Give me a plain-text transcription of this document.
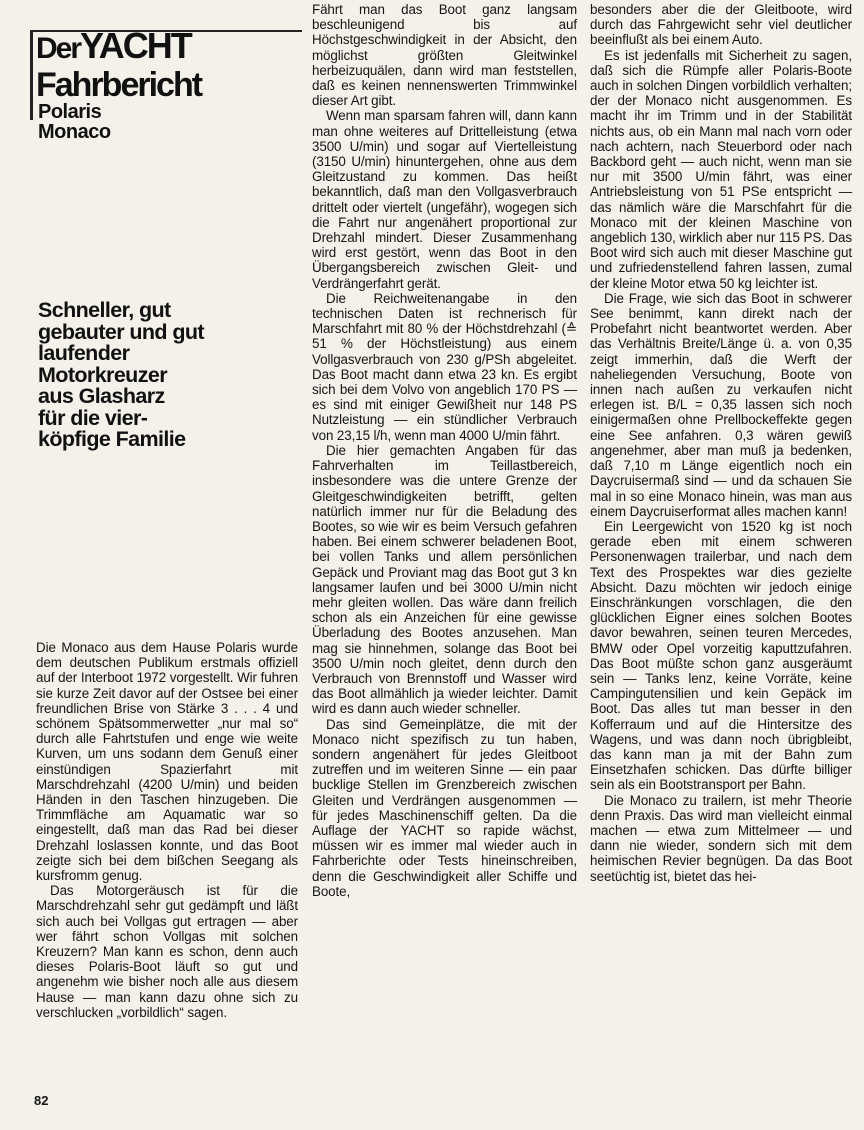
DerYACHT
Fahrbericht
Polaris
Monaco
Schneller, gut
gebauter und gut
laufender
Motorkreuzer
aus Glasharz
für die vier-
köpfige Familie

Die Monaco aus dem Hause Polaris wurde dem deutschen Publikum erstmals offiziell auf der Interboot 1972 vorgestellt. Wir fuhren sie kurze Zeit davor auf der Ostsee bei einer freundlichen Brise von Stärke 3 . . . 4 und schönem Spätsommerwetter „nur mal so“ durch alle Fahrtstufen und enge wie weite Kurven, um uns sodann dem Genuß einer einstündigen Spazierfahrt mit Marschdrehzahl (4200 U/min) und beiden Händen in den Taschen hinzugeben. Die Trimmfläche am Aquamatic war so eingestellt, daß man das Rad bei dieser Drehzahl loslassen konnte, und das Boot zeigte sich bei dem bißchen Seegang als kursfromm genug.

Das Motorgeräusch ist für die Marschdrehzahl sehr gut gedämpft und läßt sich auch bei Vollgas gut ertragen — aber wer fährt schon Vollgas mit solchen Kreuzern? Man kann es schon, denn auch dieses Polaris-Boot läuft so gut und angenehm wie bisher noch alle aus diesem Hause — man kann dazu ohne sich zu verschlucken „vorbildlich“ sagen.

Fährt man das Boot ganz langsam beschleunigend bis auf Höchstgeschwindigkeit in der Absicht, den möglichst größten Gleitwinkel herbeizuquälen, dann wird man feststellen, daß es keinen nennenswerten Trimmwinkel dieser Art gibt.

Wenn man sparsam fahren will, dann kann man ohne weiteres auf Drittelleistung (etwa 3500 U/min) und sogar auf Viertelleistung (3150 U/min) hinuntergehen, ohne aus dem Gleitzustand zu kommen. Das heißt bekanntlich, daß man den Vollgasverbrauch drittelt oder viertelt (ungefähr), wogegen sich die Fahrt nur angenähert proportional zur Drehzahl mindert. Dieser Zusammenhang wird erst gestört, wenn das Boot in den Übergangsbereich zwischen Gleit- und Verdrängerfahrt gerät.

Die Reichweitenangabe in den technischen Daten ist rechnerisch für Marschfahrt mit 80 % der Höchstdrehzahl (≙ 51 % der Höchstleistung) aus einem Vollgasverbrauch von 230 g/PSh abgeleitet. Das Boot macht dann etwa 23 kn. Es ergibt sich bei dem Volvo von angeblich 170 PS — es sind mit einiger Gewißheit nur 148 PS Nutzleistung — ein stündlicher Verbrauch von 23,15 l/h, wenn man 4000 U/min fährt.

Die hier gemachten Angaben für das Fahrverhalten im Teillastbereich, insbesondere was die untere Grenze der Gleitgeschwindigkeiten betrifft, gelten natürlich immer nur für die Beladung des Bootes, so wie wir es beim Versuch gefahren haben. Bei einem schwerer beladenen Boot, bei vollen Tanks und allem persönlichen Gepäck und Proviant mag das Boot gut 3 kn langsamer laufen und bei 3000 U/min nicht mehr gleiten wollen. Das wäre dann freilich schon als ein Anzeichen für eine gewisse Überladung des Bootes anzusehen. Man mag sie hinnehmen, solange das Boot bei 3500 U/min noch gleitet, denn durch den Verbrauch von Brennstoff und Wasser wird das Boot allmählich ja wieder leichter. Damit wird es dann auch wieder schneller.

Das sind Gemeinplätze, die mit der Monaco nicht spezifisch zu tun haben, sondern angenähert für jedes Gleitboot zutreffen und im weiteren Sinne — ein paar bucklige Stellen im Grenzbereich zwischen Gleiten und Verdrängen ausgenommen — für jedes Maschinenschiff gelten. Da die Auflage der YACHT so rapide wächst, müssen wir es immer mal wieder auch in Fahrberichte oder Tests hineinschreiben, denn die Geschwindigkeit aller Schiffe und Boote,

besonders aber die der Gleitboote, wird durch das Fahrgewicht sehr viel deutlicher beeinflußt als bei einem Auto.

Es ist jedenfalls mit Sicherheit zu sagen, daß sich die Rümpfe aller Polaris-Boote auch in solchen Dingen vorbildlich verhalten; der der Monaco nicht ausgenommen. Es macht ihr im Trimm und in der Stabilität nichts aus, ob ein Mann mal nach vorn oder nach achtern, nach Steuerbord oder nach Backbord geht — auch nicht, wenn man sie nur mit 3500 U/min fährt, was einer Antriebsleistung von 51 PSe entspricht — das nämlich wäre die Marschfahrt für die Monaco mit der kleinen Maschine von angeblich 130, wirklich aber nur 115 PS. Das Boot wird sich auch mit dieser Maschine gut und zufriedenstellend fahren lassen, zumal der kleine Motor etwa 50 kg leichter ist.

Die Frage, wie sich das Boot in schwerer See benimmt, kann direkt nach der Probefahrt nicht beantwortet werden. Aber das Verhältnis Breite/Länge ü. a. von 0,35 zeigt immerhin, daß die Werft der naheliegenden Versuchung, Boote von innen nach außen zu verkaufen nicht erlegen ist. B/L = 0,35 lassen sich noch einigermaßen ohne Prellbockeffekte gegen eine See anfahren. 0,3 wären gewiß angenehmer, aber man muß ja bedenken, daß 7,10 m Länge eigentlich noch ein Daycruisermaß sind — und da schauen Sie mal in so eine Monaco hinein, was man aus einem Daycruiserformat alles machen kann!

Ein Leergewicht von 1520 kg ist noch gerade eben mit einem schweren Personenwagen trailerbar, und nach dem Text des Prospektes war dies gezielte Absicht. Dazu möchten wir jedoch einige Einschränkungen vorschlagen, die den glücklichen Eigner eines solchen Bootes davor bewahren, seinen teuren Mercedes, BMW oder Opel vorzeitig kaputtzufahren. Das Boot müßte schon ganz ausgeräumt sein — Tanks lenz, keine Vorräte, keine Campingutensilien und kein Gepäck im Boot. Das alles tut man besser in den Kofferraum und auf die Hintersitze des Wagens, und was dann noch übrigbleibt, das kann man ja mit der Bahn zum Einsetzhafen schicken. Das dürfte billiger sein als ein Bootstransport per Bahn.

Die Monaco zu trailern, ist mehr Theorie denn Praxis. Das wird man vielleicht einmal machen — etwa zum Mittelmeer — und dann nie wieder, sondern sich mit dem heimischen Revier begnügen. Da das Boot seetüchtig ist, bietet das hei-

82
